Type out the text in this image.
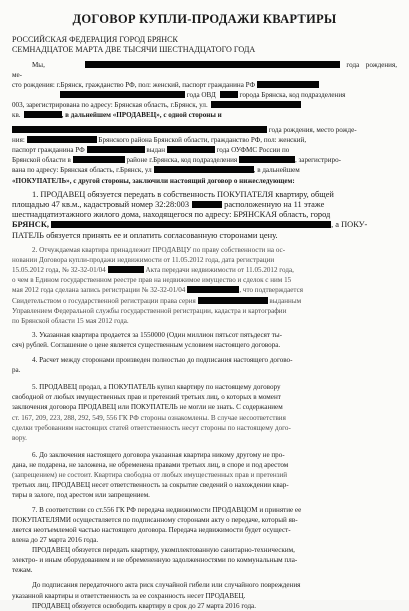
ДОГОВОР КУПЛИ-ПРОДАЖИ КВАРТИРЫ
РОССИЙСКАЯ ФЕДЕРАЦИЯ ГОРОД БРЯНСК
СЕМНАДЦАТОЕ МАРТА ДВЕ ТЫСЯЧИ ШЕСТНАДЦАТОГО ГОДА

Мы,	года рождения, ме-

сто рождения: г.Брянск, гражданство РФ, пол: женский, паспорт гражданина РФ

года ОВД	города Брянска, код подразделения

003, зарегистрирована по адресу: Брянская область, г.Брянск, ул.

кв.	, в дальнейшем «ПРОДАВЕЦ», с одной стороны и

года рождения, место рожде-

ния:	Брянского района Брянской области, гражданство РФ, пол: женский,

паспорт гражданина РФ	выдан	года ОУФМС России по

Брянской области в	районе г.Брянска, код подразделения	, зарегистриро-

вана по адресу: Брянская область, г.Брянск, ул	, в дальнейшем

«ПОКУПАТЕЛЬ», с другой стороны, заключили настоящий договор о нижеследующем:

1. ПРОДАВЕЦ обязуется передать в собственность ПОКУПАТЕЛЯ квартиру, общей

площадью 47 кв.м., кадастровый номер 32:28:003	расположенную на 11 этаже

шестнадцатиэтажного жилого дома, находящегося по адресу: БРЯНСКАЯ область, город

БРЯНСК,	, а ПОКУ-

ПАТЕЛЬ обязуется принять ее и оплатить согласованную сторонами цену.

2. Отчуждаемая квартира принадлежит ПРОДАВЦУ по праву собственности на ос-

новании Договора купли-продажи недвижимости от 11.05.2012 года, дата регистрации

15.05.2012 года, № 32-32-01/04	Акта передачи недвижимости от 11.05.2012 года,

о чем в Едином государственном реестре прав на недвижимое имущество и сделок с ним 15

мая 2012 года сделана запись регистрации № 32-32-01/04	, что подтверждается

Свидетельством о государственной регистрации права серия	выданным

Управлением Федеральной службы государственной регистрации, кадастра и картографии

по Брянской области 15 мая 2012 года.

3. Указанная квартира продается за 1550000 (Один миллион пятьсот пятьдесят ты-

сяч) рублей. Соглашение о цене является существенным условием настоящего договора.

4. Расчет между сторонами произведен полностью до подписания настоящего догово-

ра.

5. ПРОДАВЕЦ продал, а ПОКУПАТЕЛЬ купил квартиру по настоящему договору

свободной от любых имущественных прав и претензий третьих лиц, о которых в момент

заключения договора ПРОДАВЕЦ или ПОКУПАТЕЛЬ не могли не знать. С содержанием

ст. 167, 209, 223, 288, 292, 549, 556 ГК РФ стороны ознакомлены. В случае несоответствия

сделки требованиям настоящих статей ответственность несут стороны по настоящему дого-

вору.

6. До заключения настоящего договора указанная квартира никому другому не про-

дана, не подарена, не заложена, не обременена правами третьих лиц, в споре и под арестом

(запрещением) не состоит. Квартира свободна от любых имущественных прав и претензий

третьих лиц. ПРОДАВЕЦ несет ответственность за сокрытие сведений о нахождении квар-

тиры в залоге, под арестом или запрещением.

7. В соответствии со ст.556 ГК РФ передача недвижимости ПРОДАВЦОМ и принятие ее

ПОКУПАТЕЛЯМИ осуществляется по подписанному сторонами акту о передаче, который яв-

ляется неотъемлемой частью настоящего договора. Передача недвижимости будет осущест-

влена до 27 марта 2016 года.

ПРОДАВЕЦ обязуется передать квартиру, укомплектованную санитарно-техническим,

электро- и иным оборудованием и не обремененную задолженностями по коммунальным пла-

тежам.

До подписания передаточного акта риск случайной гибели или случайного повреждения

указанной квартиры и ответственность за ее сохранность несет ПРОДАВЕЦ.

ПРОДАВЕЦ обязуется освободить квартиру в срок до 27 марта 2016 года.
